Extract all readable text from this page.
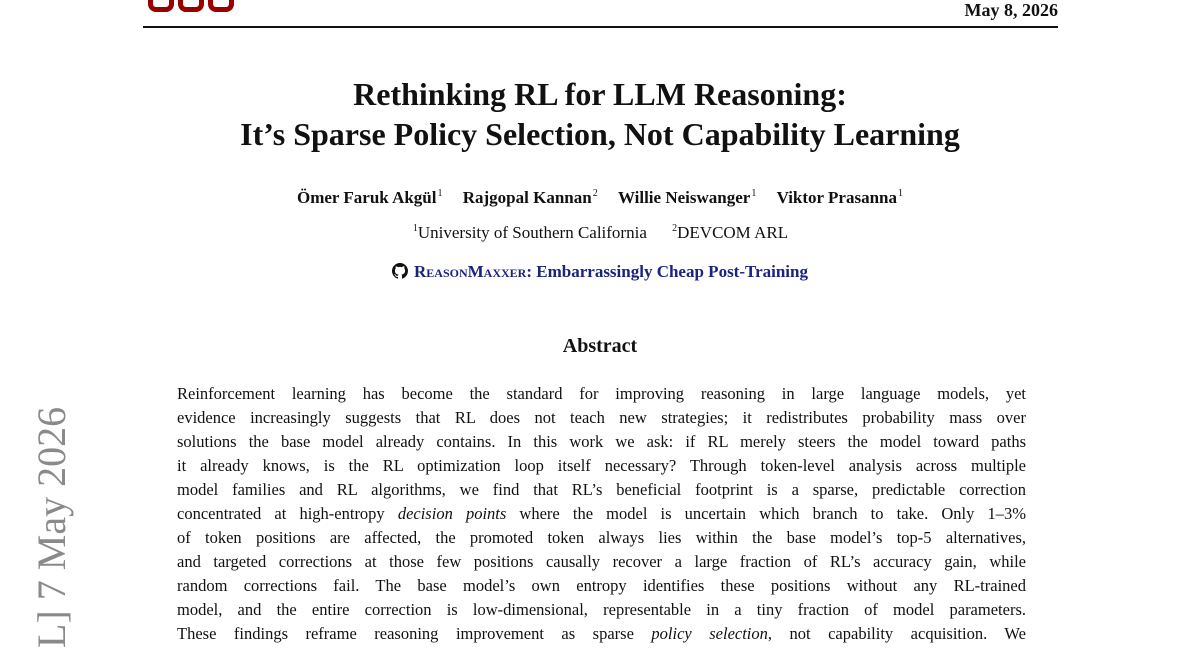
May 8, 2026
Rethinking RL for LLM Reasoning:
It’s Sparse Policy Selection, Not Capability Learning
Ömer Faruk Akgül$^1$ Rajgopal Kannan$^2$ Willie Neiswanger$^1$ Viktor Prasanna$^1$
$^1$University of Southern California	$^2$DEVCOM ARL
ReasonMaxxer: Embarrassingly Cheap Post-Training
Abstract
Reinforcement learning has become the standard for improving reasoning in large language models, yet
evidence increasingly suggests that RL does not teach new strategies; it redistributes probability mass over
solutions the base model already contains. In this work we ask: if RL merely steers the model toward paths
it already knows, is the RL optimization loop itself necessary? Through token-level analysis across multiple
model families and RL algorithms, we find that RL’s beneficial footprint is a sparse, predictable correction
concentrated at high-entropy decision points where the model is uncertain which branch to take. Only 1–3%
of token positions are affected, the promoted token always lies within the base model’s top-5 alternatives,
and targeted corrections at those few positions causally recover a large fraction of RL’s accuracy gain, while
random corrections fail. The base model’s own entropy identifies these positions without any RL-trained
model, and the entire correction is low-dimensional, representable in a tiny fraction of model parameters.
These findings reframe reasoning improvement as sparse policy selection, not capability acquisition. We
L] 7 May 2026
